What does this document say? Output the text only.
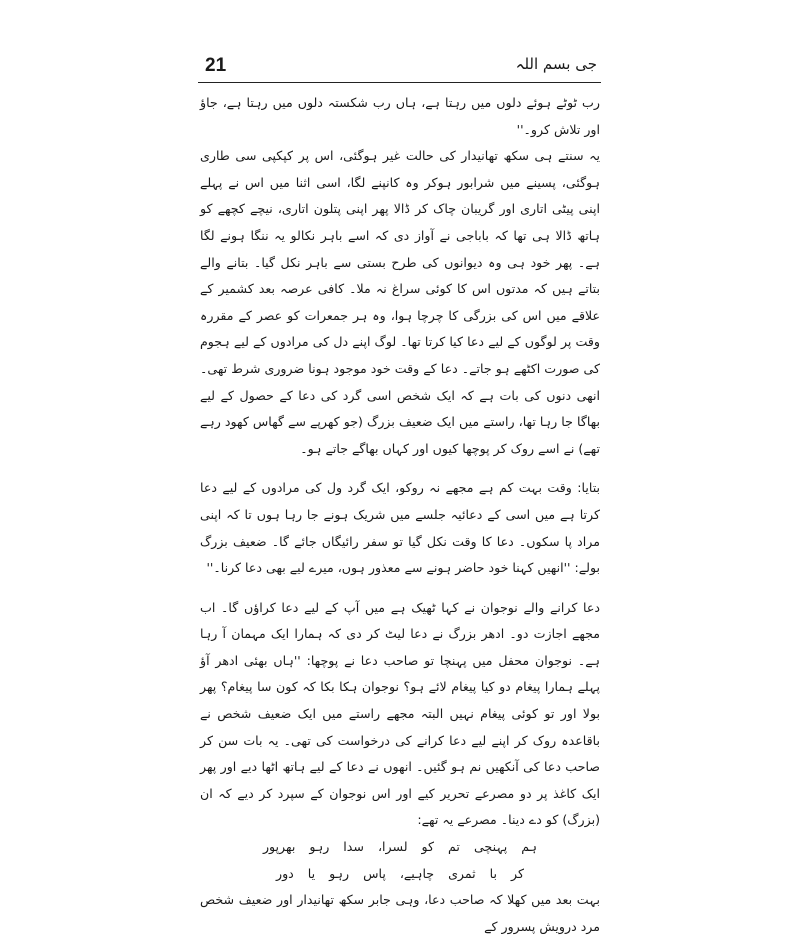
21	جی بسم اللہ
رب ٹوٹے ہوئے دلوں میں رہتا ہے، ہاں رب شکستہ دلوں میں رہتا ہے، جاؤ اور تلاش کرو۔''
یہ سنتے ہی سکھ تھانیدار کی حالت غیر ہوگئی، اس پر کپکپی سی طاری ہوگئی، پسینے میں شرابور ہوکر وہ کانپنے لگا، اسی اثنا میں اس نے پہلے اپنی پیٹی اتاری اور گریبان چاک کر ڈالا پھر اپنی پتلون اتاری، نیچے کچھے کو ہاتھ ڈالا ہی تھا کہ باباجی نے آواز دی کہ اسے باہر نکالو یہ ننگا ہونے لگا ہے۔ پھر خود ہی وہ دیوانوں کی طرح بستی سے باہر نکل گیا۔ بتانے والے بتاتے ہیں کہ مدتوں اس کا کوئی سراغ نہ ملا۔ کافی عرصہ بعد کشمیر کے علاقے میں اس کی بزرگی کا چرچا ہوا، وہ ہر جمعرات کو عصر کے مقررہ وقت پر لوگوں کے لیے دعا کیا کرتا تھا۔ لوگ اپنے دل کی مرادوں کے لیے ہجوم کی صورت اکٹھے ہو جاتے۔ دعا کے وقت خود موجود ہونا ضروری شرط تھی۔ انھی دنوں کی بات ہے کہ ایک شخص اسی گرد کی دعا کے حصول کے لیے بھاگا جا رہا تھا، راستے میں ایک ضعیف بزرگ (جو کھرپے سے گھاس کھود رہے تھے) نے اسے روک کر پوچھا کیوں اور کہاں بھاگے جاتے ہو۔
بتایا: وقت بہت کم ہے مجھے نہ روکو، ایک گرد ول کی مرادوں کے لیے دعا کرتا ہے میں اسی کے دعائیہ جلسے میں شریک ہونے جا رہا ہوں تا کہ اپنی مراد پا سکوں۔ دعا کا وقت نکل گیا تو سفر رائیگاں جائے گا۔ ضعیف بزرگ بولے: ''انھیں کہنا خود حاضر ہونے سے معذور ہوں، میرے لیے بھی دعا کرنا۔''
دعا کرانے والے نوجوان نے کہا ٹھیک ہے میں آپ کے لیے دعا کراؤں گا۔ اب مجھے اجازت دو۔ ادھر بزرگ نے دعا لیٹ کر دی کہ ہمارا ایک مہمان آ رہا ہے۔ نوجوان محفل میں پہنچا تو صاحب دعا نے پوچھا: ''ہاں بھئی ادھر آؤ پہلے ہمارا پیغام دو کیا پیغام لائے ہو؟ نوجوان ہکا بکا کہ کون سا پیغام؟ پھر بولا اور تو کوئی پیغام نہیں البتہ مجھے راستے میں ایک ضعیف شخص نے باقاعدہ روک کر اپنے لیے دعا کرانے کی درخواست کی تھی۔ یہ بات سن کر صاحب دعا کی آنکھیں نم ہو گئیں۔ انھوں نے دعا کے لیے ہاتھ اٹھا دیے اور پھر ایک کاغذ پر دو مصرعے تحریر کیے اور اس نوجوان کے سپرد کر دیے کہ ان (بزرگ) کو دے دینا۔ مصرعے یہ تھے:
ہم پہنچی تم کو لسرا، سدا رہو بھرپور
کر با ثمری چاہیے، پاس رہو یا دور
بہت بعد میں کھلا کہ صاحب دعا، وہی جابر سکھ تھانیدار اور ضعیف شخص مرد درویش پسرور کے
